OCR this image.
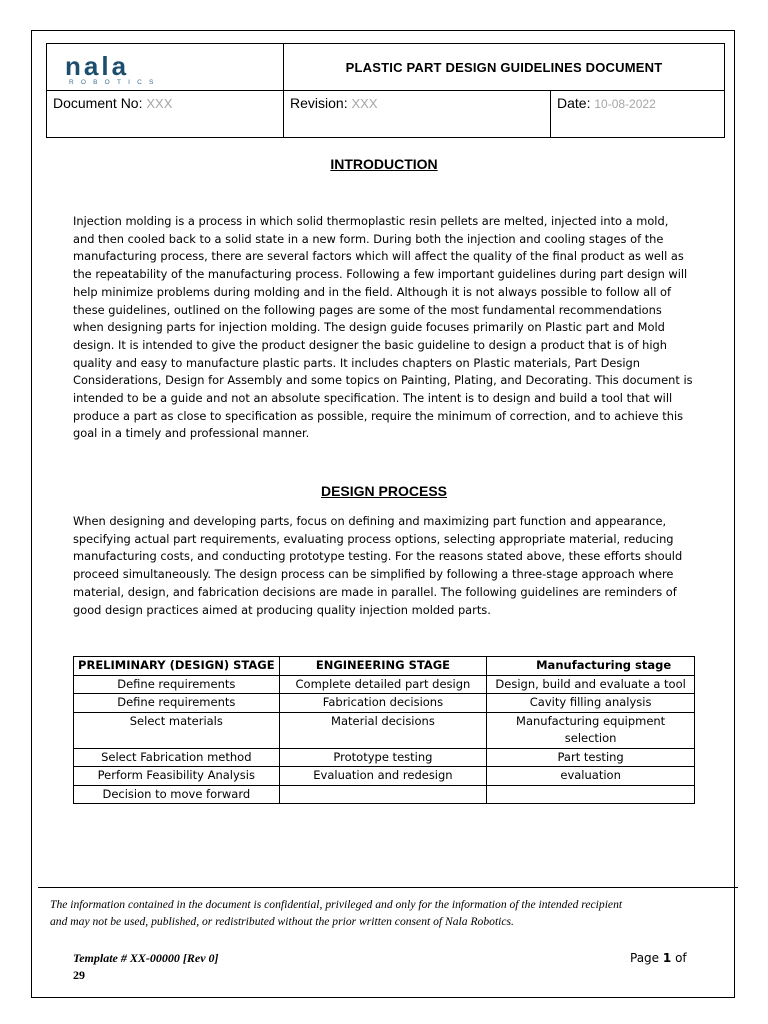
nala
ROBOTICS	PLASTIC PART DESIGN GUIDELINES DOCUMENT	
Document No: XXX	Revision: XXX	Date: 10-08-2022
INTRODUCTION
Injection molding is a process in which solid thermoplastic resin pellets are melted, injected into a mold,
and then cooled back to a solid state in a new form. During both the injection and cooling stages of the
manufacturing process, there are several factors which will affect the quality of the final product as well as
the repeatability of the manufacturing process. Following a few important guidelines during part design will
help minimize problems during molding and in the field. Although it is not always possible to follow all of
these guidelines, outlined on the following pages are some of the most fundamental recommendations
when designing parts for injection molding. The design guide focuses primarily on Plastic part and Mold
design. It is intended to give the product designer the basic guideline to design a product that is of high
quality and easy to manufacture plastic parts. It includes chapters on Plastic materials, Part Design
Considerations, Design for Assembly and some topics on Painting, Plating, and Decorating. This document is
intended to be a guide and not an absolute specification. The intent is to design and build a tool that will
produce a part as close to specification as possible, require the minimum of correction, and to achieve this
goal in a timely and professional manner.
DESIGN PROCESS
When designing and developing parts, focus on defining and maximizing part function and appearance,
specifying actual part requirements, evaluating process options, selecting appropriate material, reducing
manufacturing costs, and conducting prototype testing. For the reasons stated above, these efforts should
proceed simultaneously. The design process can be simplified by following a three-stage approach where
material, design, and fabrication decisions are made in parallel. The following guidelines are reminders of
good design practices aimed at producing quality injection molded parts.
PRELIMINARY (DESIGN) STAGE	ENGINEERING STAGE	Manufacturing stage
Define requirements	Complete detailed part design	Design, build and evaluate a tool
Define requirements	Fabrication decisions	Cavity filling analysis
Select materials	Material decisions	Manufacturing equipment selection
Select Fabrication method	Prototype testing	Part testing
Perform Feasibility Analysis	Evaluation and redesign	evaluation
Decision to move forward		
The information contained in the document is confidential, privileged and only for the information of the intended recipient
and may not be used, published, or redistributed without the prior written consent of Nala Robotics.
Template # XX-00000 [Rev 0]	Page 1 of
29
